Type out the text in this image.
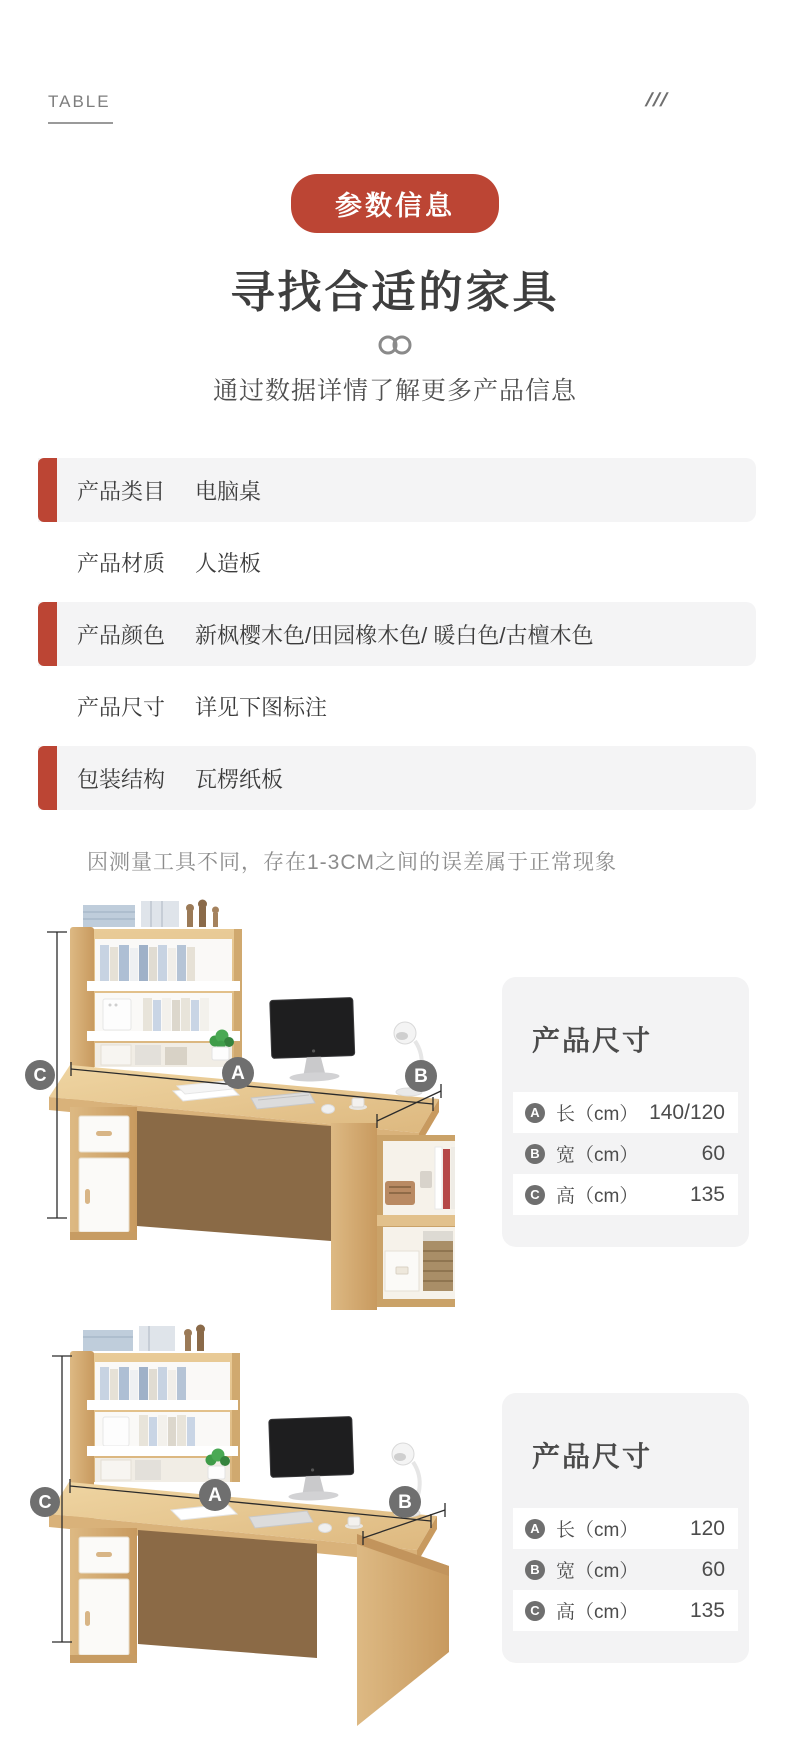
TABLE	///
参数信息
寻找合适的家具
通过数据详情了解更多产品信息
产品类目	电脑桌
产品材质	人造板
产品颜色	新枫樱木色/田园橡木色/ 暖白色/古檀木色
产品尺寸	详见下图标注
包装结构	瓦楞纸板
因测量工具不同，存在1-3CM之间的误差属于正常现象
C	A	B
C	A	B
产品尺寸
A 长（cm） 140/120
B 宽（cm）	60
C 高（cm） 135
产品尺寸
A 长（cm） 120
B 宽（cm）	60
C 高（cm） 135
